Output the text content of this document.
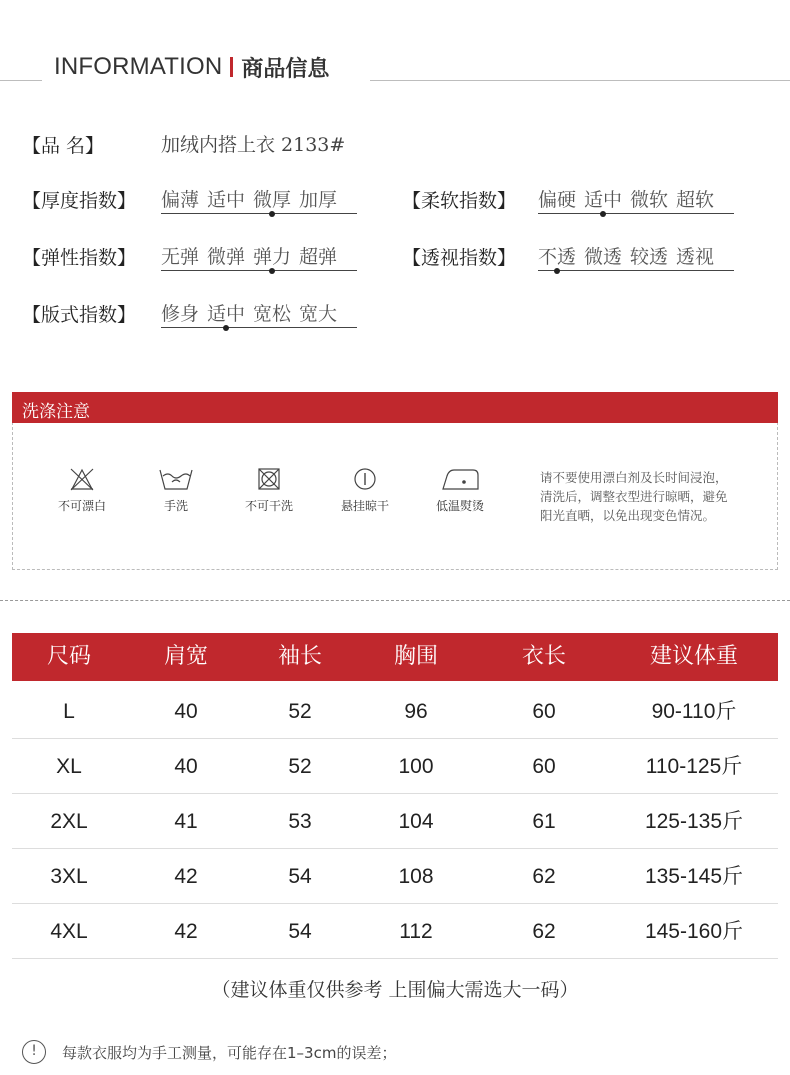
INFORMATION 商品信息
【品 名】	加绒内搭上衣 2133#
【厚度指数】 偏薄 适中 微厚 加厚	【柔软指数】 偏硬 适中 微软 超软
【弹性指数】 无弹 微弹 弹力 超弹	【透视指数】 不透 微透 较透 透视
【版式指数】 修身 适中 宽松 宽大
洗涤注意
不可漂白	手洗	不可干洗	悬挂晾干	低温熨烫
请不要使用漂白剂及长时间浸泡，
清洗后，调整衣型进行晾晒，避免
阳光直晒，以免出现变色情况。
尺码	肩宽	袖长	胸围	衣长	建议体重
L	40	52	96	60	90-110斤
XL	40	52	100	60	110-125斤
2XL	41	53	104	61	125-135斤
3XL	42	54	108	62	135-145斤
4XL	42	54	112	62	145-160斤
（建议体重仅供参考 上围偏大需选大一码）
!	每款衣服均为手工测量，可能存在1–3cm的误差；
